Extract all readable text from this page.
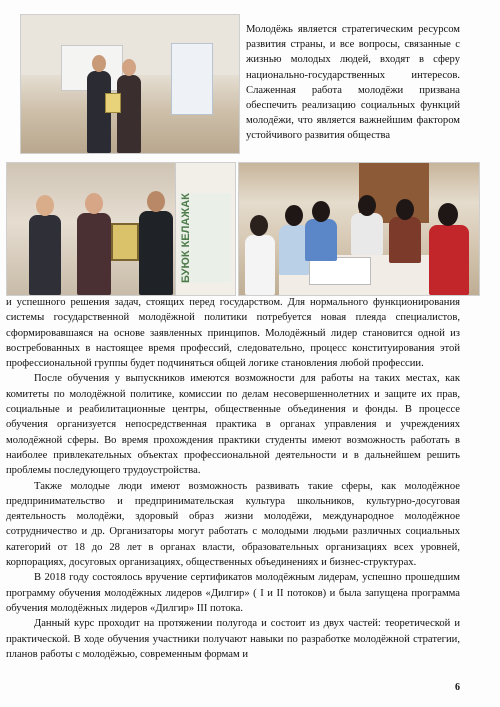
Молодёжь является стратегическим ресурсом развития страны, и все вопросы, связанные с жизнью молодых людей, входят в сферу национально-государственных интересов. Слаженная работа молодёжи призвана обеспечить реализацию социальных функций молодёжи, что является важнейшим фактором устойчивого развития общества

БУЮК КЕЛАЖАК

и успешного решения задач, стоящих перед государством. Для нормального функционирования системы государственной молодёжной политики потребуется новая плеяда специалистов, сформировавшаяся на основе заявленных принципов. Молодёжный лидер становится одной из востребованных в настоящее время профессий, следовательно, процесс конституирования этой профессиональной группы будет подчиняться общей логике становления любой профессии.

После обучения у выпускников имеются возможности для работы на таких местах, как комитеты по молодёжной политике, комиссии по делам несовершеннолетних и защите их прав, социальные и реабилитационные центры, общественные объединения и фонды. В процессе обучения организуется непосредственная практика в органах управления и учреждениях молодёжной сферы. Во время прохождения практики студенты имеют возможность работать в наиболее привлекательных объектах профессиональной деятельности и в дальнейшем решить проблемы последующего трудоустройства.

Также молодые люди имеют возможность развивать такие сферы, как молодёжное предпринимательство и предпринимательская культура школьников, культурно-досуговая деятельность молодёжи, здоровый образ жизни молодёжи, международное молодёжное сотрудничество и др. Организаторы могут работать с молодыми людьми различных социальных категорий от 18 до 28 лет в органах власти, образовательных организациях всех уровней, корпорациях, досуговых организациях, общественных объединениях и бизнес-структурах.

В 2018 году состоялось вручение сертификатов молодёжным лидерам, успешно прошедшим программу обучения молодёжных лидеров «Дилгир» ( I и II потоков) и была запущена программа обучения молодёжных лидеров «Дилгир» III потока.

Данный курс проходит на протяжении полугода и состоит из двух частей: теоретической и практической. В ходе обучения участники получают навыки по разработке молодёжной стратегии, планов работы с молодёжью, современным формам и

6
